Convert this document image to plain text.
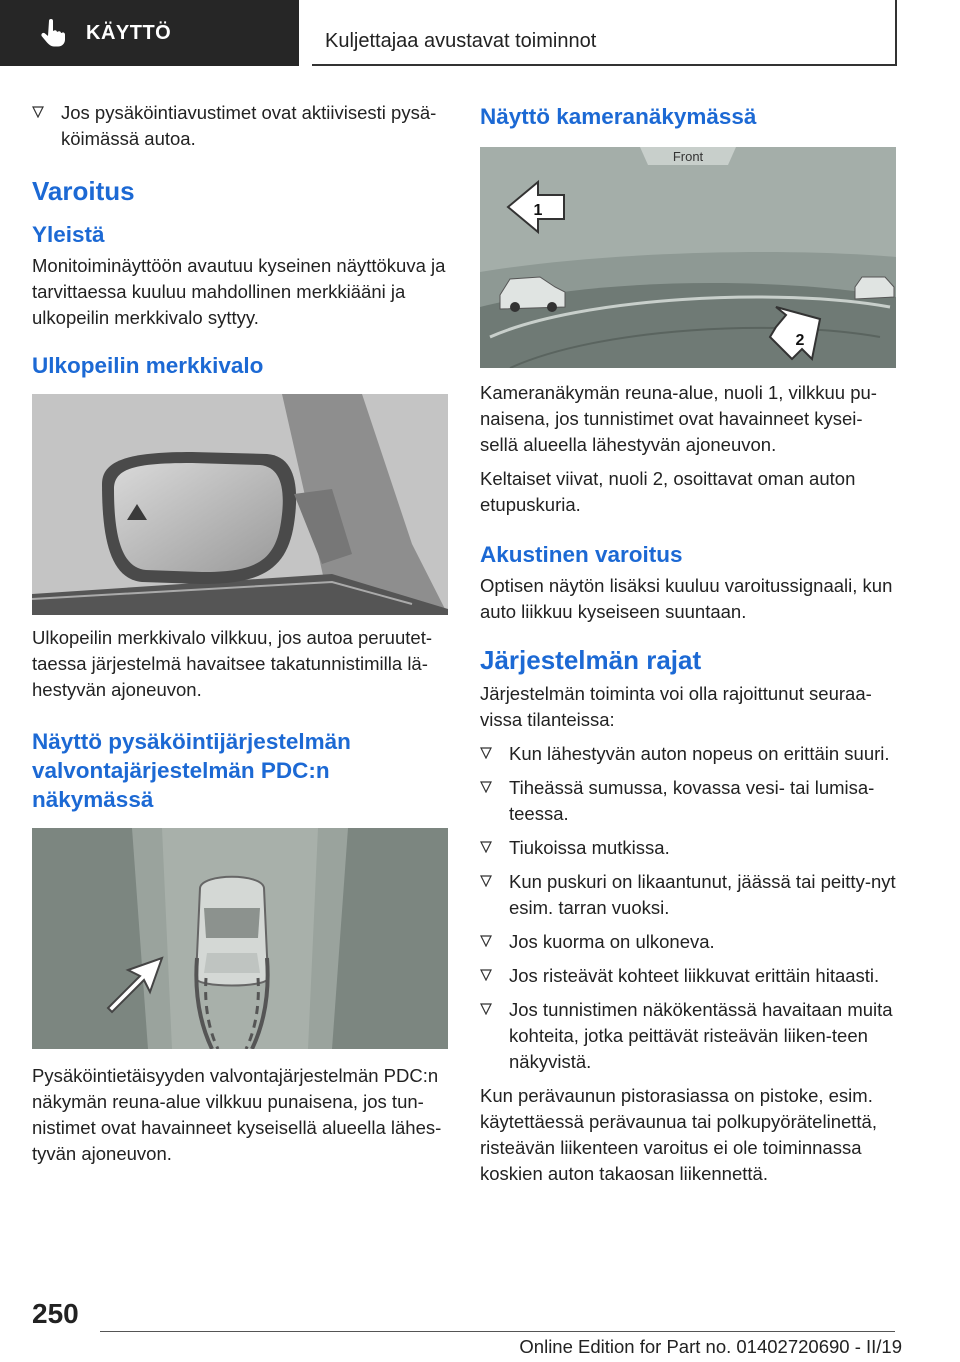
KÄYTTÖ	Kuljettajaa avustavat toiminnot
Jos pysäköintiavustimet ovat aktiivisesti pysä-köimässä autoa.
Varoitus
Yleistä

Monitoiminäyttöön avautuu kyseinen näyttökuva ja tarvittaessa kuuluu mahdollinen merkkiääni ja ulkopeilin merkkivalo syttyy.

Ulkopeilin merkkivalo

Ulkopeilin merkkivalo vilkkuu, jos autoa peruutet-taessa järjestelmä havaitsee takatunnistimilla lä-hestyvän ajoneuvon.

Näyttö pysäköintijärjestelmän valvontajärjestelmän PDC:n näkymässä

Pysäköintietäisyyden valvontajärjestelmän PDC:n näkymän reuna-alue vilkkuu punaisena, jos tun-nistimet ovat havainneet kyseisellä alueella lähes-tyvän ajoneuvon.

Näyttö kameranäkymässä
Front
1
2

Kameranäkymän reuna-alue, nuoli 1, vilkkuu pu-naisena, jos tunnistimet ovat havainneet kysei-sellä alueella lähestyvän ajoneuvon.

Keltaiset viivat, nuoli 2, osoittavat oman auton etupuskuria.

Akustinen varoitus

Optisen näytön lisäksi kuuluu varoitussignaali, kun auto liikkuu kyseiseen suuntaan.

Järjestelmän rajat

Järjestelmän toiminta voi olla rajoittunut seuraa-vissa tilanteissa:

Kun lähestyvän auton nopeus on erittäin suuri.
Tiheässä sumussa, kovassa vesi- tai lumisa-teessa.
Tiukoissa mutkissa.
Kun puskuri on likaantunut, jäässä tai peitty-nyt esim. tarran vuoksi.
Jos kuorma on ulkoneva.
Jos risteävät kohteet liikkuvat erittäin hitaasti.
Jos tunnistimen näkökentässä havaitaan muita kohteita, jotka peittävät risteävän liiken-teen näkyvistä.

Kun perävaunun pistorasiassa on pistoke, esim. käytettäessä perävaunua tai polkupyörätelinettä, risteävän liikenteen varoitus ei ole toiminnassa koskien auton takaosan liikennettä.

250
Online Edition for Part no. 01402720690 - II/19
